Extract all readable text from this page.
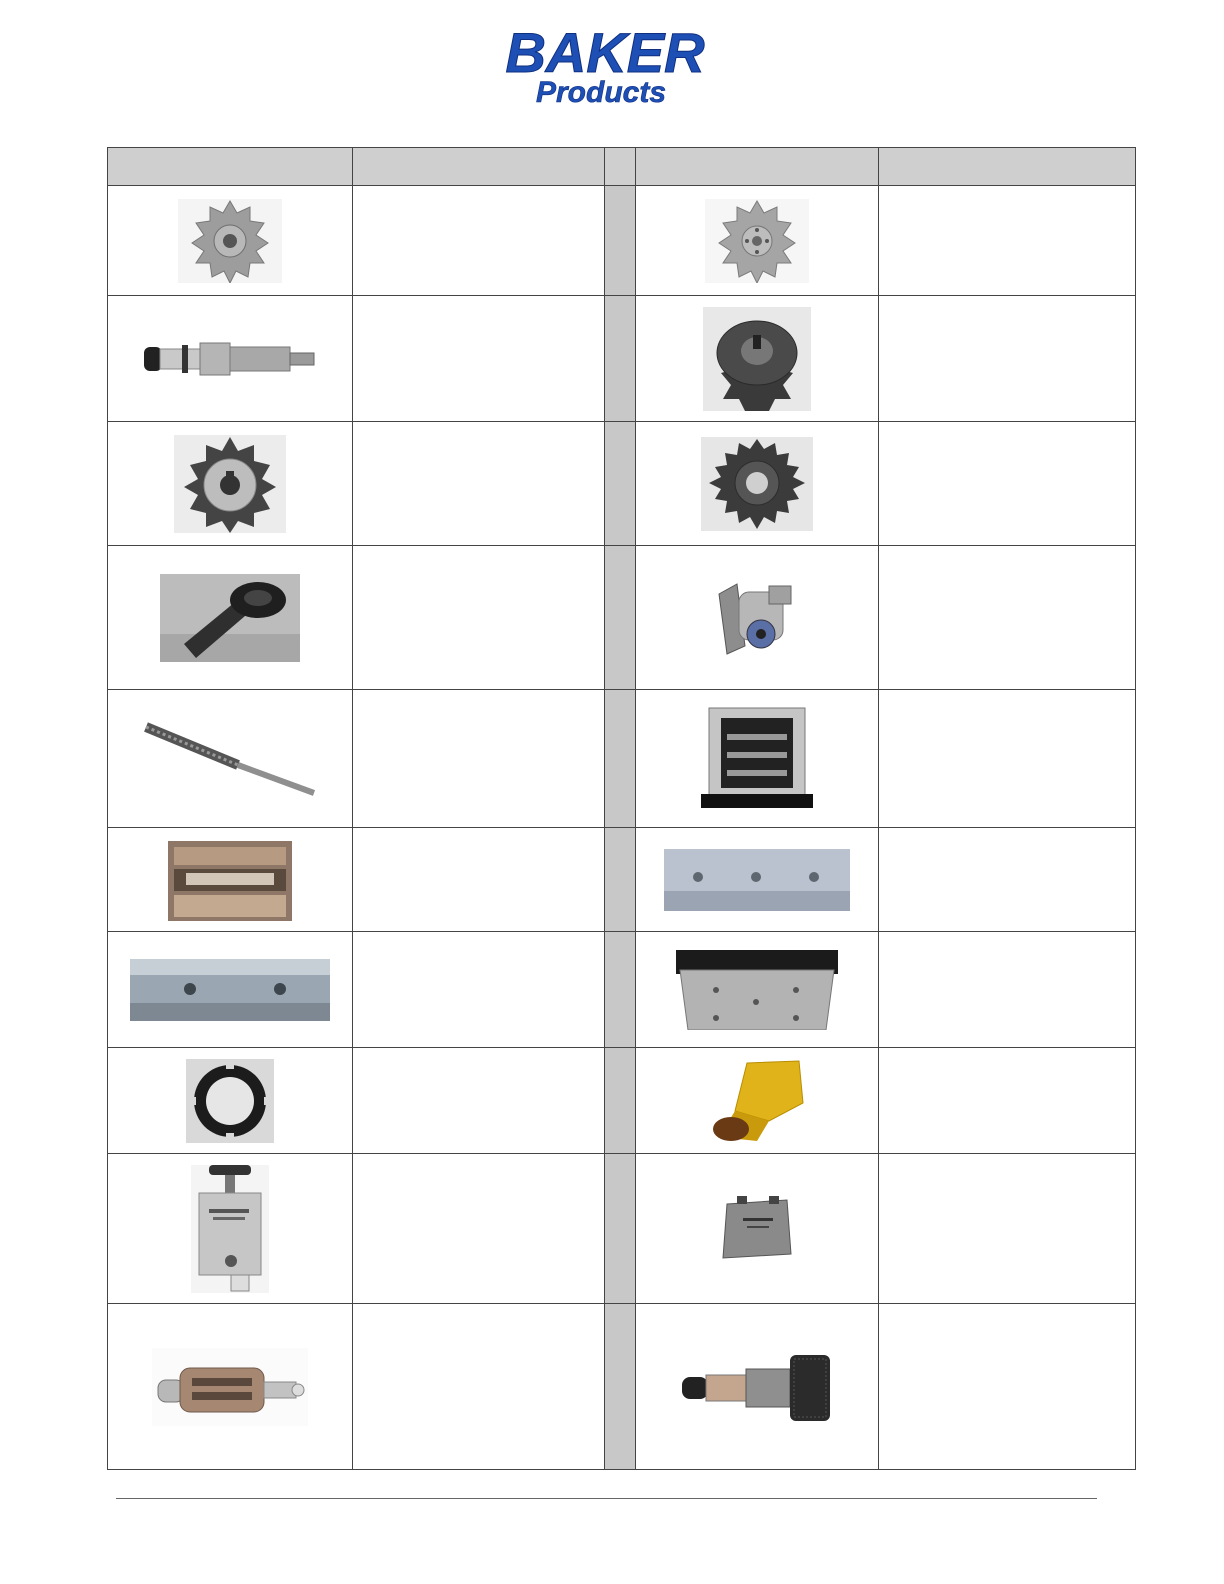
BAKER
Products
